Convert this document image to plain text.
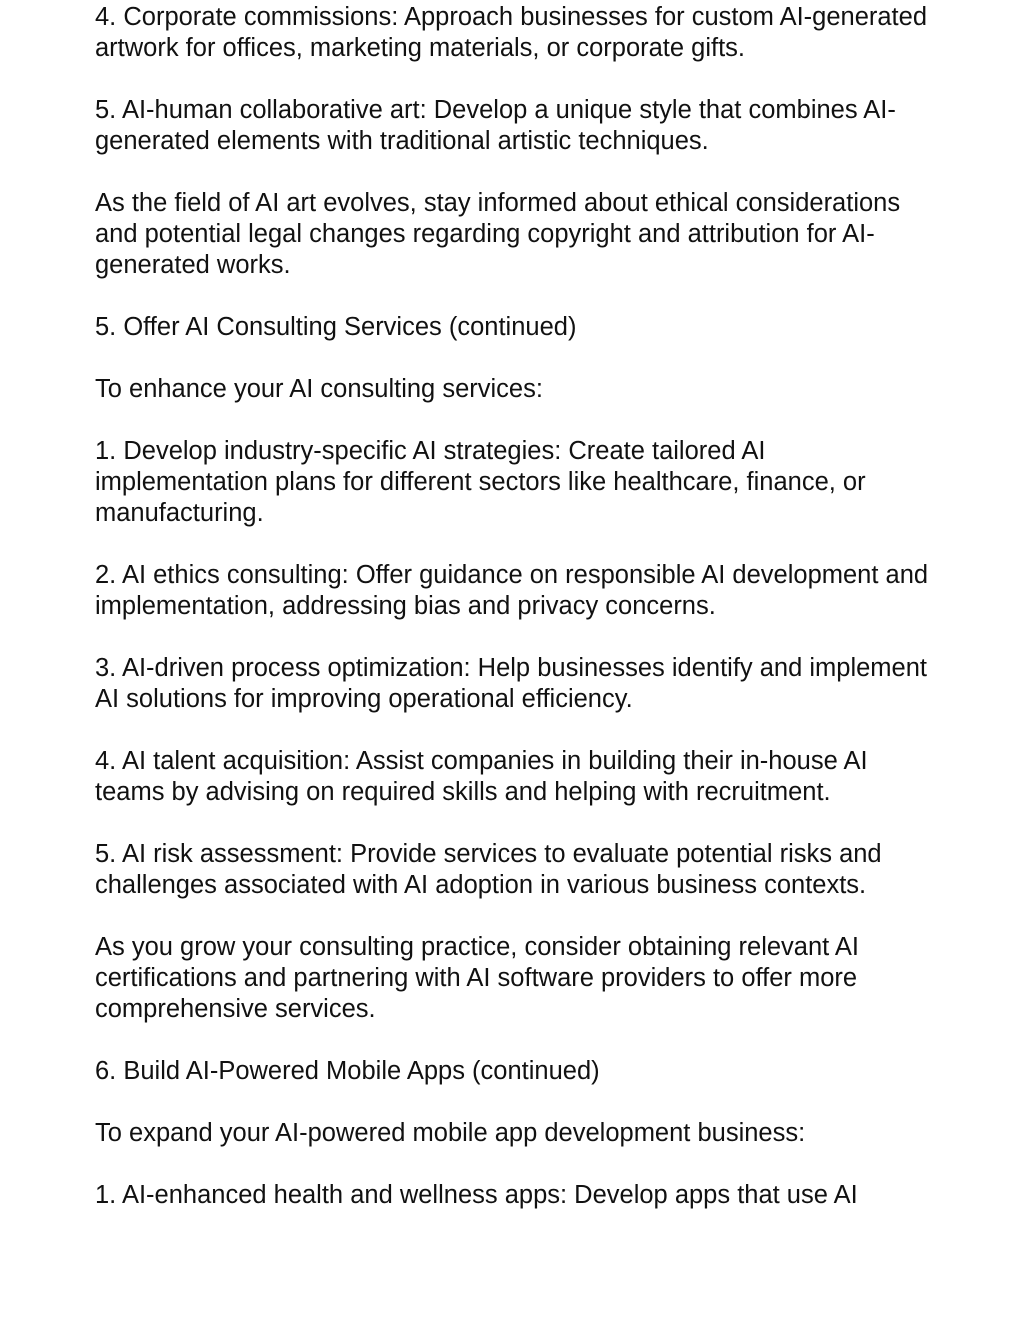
4. Corporate commissions: Approach businesses for custom AI-generated artwork for offices, marketing materials, or corporate gifts.

5. AI-human collaborative art: Develop a unique style that combines AI-generated elements with traditional artistic techniques.

As the field of AI art evolves, stay informed about ethical considerations and potential legal changes regarding copyright and attribution for AI-generated works.

5. Offer AI Consulting Services (continued)

To enhance your AI consulting services:

1. Develop industry-specific AI strategies: Create tailored AI implementation plans for different sectors like healthcare, finance, or manufacturing.

2. AI ethics consulting: Offer guidance on responsible AI development and implementation, addressing bias and privacy concerns.

3. AI-driven process optimization: Help businesses identify and implement AI solutions for improving operational efficiency.

4. AI talent acquisition: Assist companies in building their in-house AI teams by advising on required skills and helping with recruitment.

5. AI risk assessment: Provide services to evaluate potential risks and challenges associated with AI adoption in various business contexts.

As you grow your consulting practice, consider obtaining relevant AI certifications and partnering with AI software providers to offer more comprehensive services.

6. Build AI-Powered Mobile Apps (continued)

To expand your AI-powered mobile app development business:

1. AI-enhanced health and wellness apps: Develop apps that use AI
